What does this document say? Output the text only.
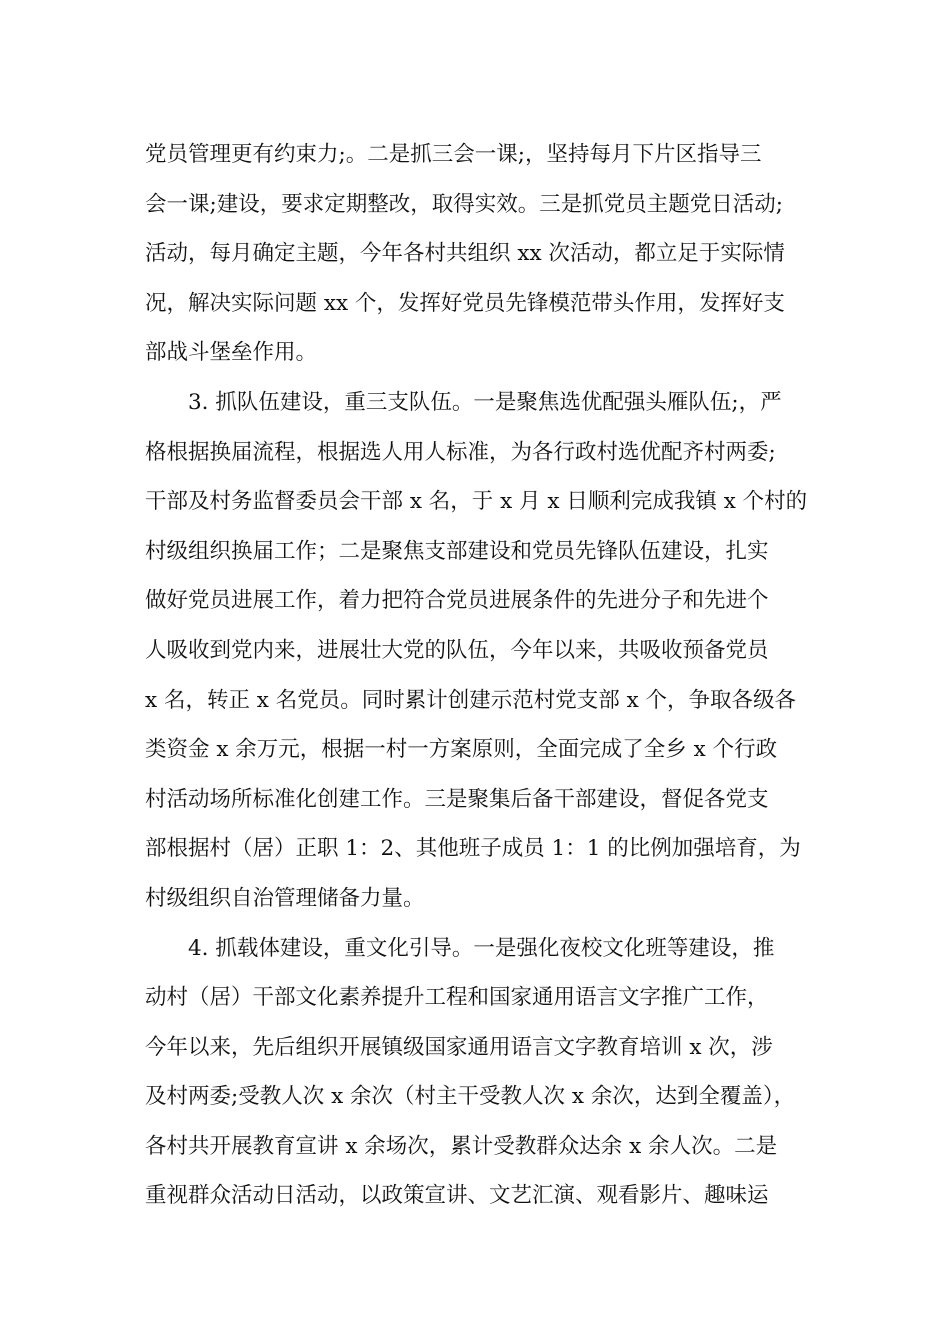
党员管理更有约束力;。二是抓三会一课;，坚持每月下片区指导三
会一课;建设，要求定期整改，取得实效。三是抓党员主题党日活动;
活动，每月确定主题，今年各村共组织 xx 次活动，都立足于实际情
况，解决实际问题 xx 个，发挥好党员先锋模范带头作用，发挥好支
部战斗堡垒作用。
3. 抓队伍建设，重三支队伍。一是聚焦选优配强头雁队伍;，严
格根据换届流程，根据选人用人标准，为各行政村选优配齐村两委;
干部及村务监督委员会干部 x 名，于 x 月 x 日顺利完成我镇 x 个村的
村级组织换届工作；二是聚焦支部建设和党员先锋队伍建设，扎实
做好党员进展工作，着力把符合党员进展条件的先进分子和先进个
人吸收到党内来，进展壮大党的队伍，今年以来，共吸收预备党员
x 名，转正 x 名党员。同时累计创建示范村党支部 x 个，争取各级各
类资金 x 余万元，根据一村一方案原则，全面完成了全乡 x 个行政
村活动场所标准化创建工作。三是聚集后备干部建设，督促各党支
部根据村（居）正职 1：2、其他班子成员 1：1 的比例加强培育，为
村级组织自治管理储备力量。
4. 抓载体建设，重文化引导。一是强化夜校文化班等建设，推
动村（居）干部文化素养提升工程和国家通用语言文字推广工作，
今年以来，先后组织开展镇级国家通用语言文字教育培训 x 次，涉
及村两委;受教人次 x 余次（村主干受教人次 x 余次，达到全覆盖），
各村共开展教育宣讲 x 余场次，累计受教群众达余 x 余人次。二是
重视群众活动日活动，以政策宣讲、文艺汇演、观看影片、趣味运
